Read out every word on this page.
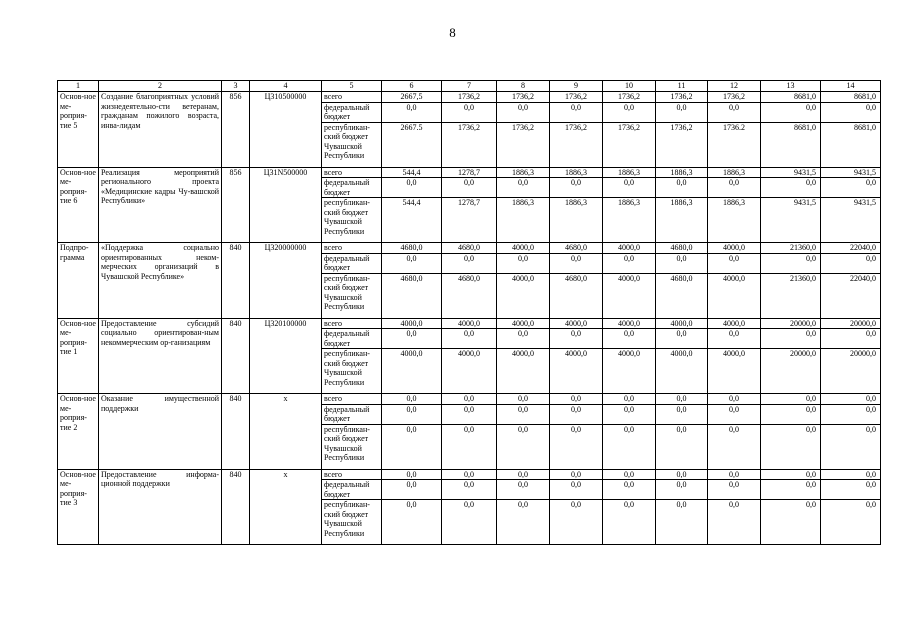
8
1	2	3	4	5	6	7	8	9	10	11	12	13	14
Основ-ное ме-роприя-тие 5	Создание благоприятных условий жизнедеятельно-сти ветеранам, гражданам пожилого возраста, инва-лидам	856	Ц310500000	всего	2667,5	1736,2	1736,2	1736,2	1736,2	1736,2	1736,2	8681,0	8681,0
				федеральный бюджет	0,0	0,0	0,0	0,0	0,0	0,0	0,0	0,0	0,0
				республикан-ский бюджет Чувашской Республики	2667.5	1736,2	1736,2	1736,2	1736,2	1736,2	1736.2	8681,0	8681,0
Основ-ное ме-роприя-тие 6	Реализация мероприятий регионального проекта «Медицинские кадры Чу-вашской Республики»	856	Ц31N500000	всего	544,4	1278,7	1886,3	1886,3	1886,3	1886,3	1886,3	9431,5	9431,5
				федеральный бюджет	0,0	0,0	0,0	0,0	0,0	0,0	0,0	0,0	0,0
				республикан-ский бюджет Чувашской Республики	544,4	1278,7	1886,3	1886,3	1886,3	1886,3	1886,3	9431,5	9431,5
Подпро-грамма	«Поддержка социально ориентированных неком-мерческих организаций в Чувашской Республике»	840	Ц320000000	всего	4680,0	4680,0	4000,0	4680,0	4000,0	4680,0	4000,0	21360,0	22040,0
				федеральный бюджет	0,0	0,0	0,0	0,0	0,0	0,0	0,0	0,0	0,0
				республикан-ский бюджет Чувашской Республики	4680,0	4680,0	4000,0	4680,0	4000,0	4680,0	4000,0	21360,0	22040,0
Основ-ное ме-роприя-тие 1	Предоставление субсидий социально ориентирован-ным некоммерческим ор-ганизациям	840	Ц320100000	всего	4000,0	4000,0	4000,0	4000,0	4000,0	4000,0	4000,0	20000,0	20000,0
				федеральный бюджет	0,0	0,0	0,0	0,0	0,0	0,0	0,0	0,0	0,0
				республикан-ский бюджет Чувашской Республики	4000,0	4000,0	4000,0	4000,0	4000,0	4000,0	4000,0	20000,0	20000,0
Основ-ное ме-роприя-тие 2	Оказание имущественной поддержки	840	х	всего	0,0	0,0	0,0	0,0	0,0	0,0	0,0	0,0	0,0
				федеральный бюджет	0,0	0,0	0,0	0,0	0,0	0,0	0,0	0,0	0,0
				республикан-ский бюджет Чувашской Республики	0,0	0,0	0,0	0,0	0,0	0,0	0,0	0,0	0,0
Основ-ное ме-роприя-тие 3	Предоставление информа-ционной поддержки	840	х	всего	0,0	0,0	0,0	0,0	0,0	0,0	0,0	0,0	0,0
				федеральный бюджет	0,0	0,0	0,0	0,0	0,0	0,0	0,0	0,0	0,0
				республикан-ский бюджет Чувашской Республики	0,0	0,0	0,0	0,0	0,0	0,0	0,0	0,0	0,0
